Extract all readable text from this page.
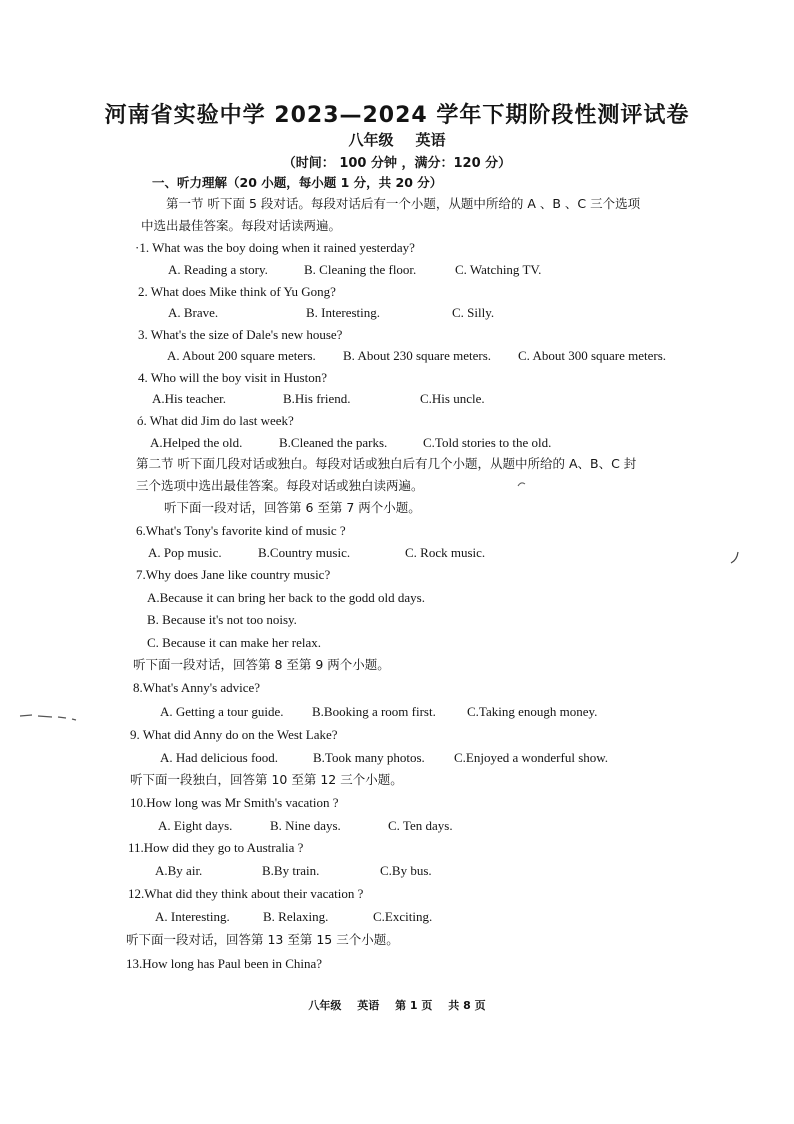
河南省实验中学 2023—2024 学年下期阶段性测评试卷
八年级 英语
（时间： 100 分钟 ，满分：120 分）
一、听力理解（20 小题，每小题 1 分，共 20 分）
第一节 听下面 5 段对话。每段对话后有一个小题，从题中所给的 A 、B 、C 三个选项
中选出最佳答案。每段对话读两遍。
·1. What was the boy doing when it rained yesterday?
A. Reading a story.	B. Cleaning the floor.	C. Watching TV.
2. What does Mike think of Yu Gong?
A. Brave.	B. Interesting.	C. Silly.
3. What's the size of Dale's new house?
A. About 200 square meters. B. About 230 square meters. C. About 300 square meters.
4. Who will the boy visit in Huston?
A.His teacher.	B.His friend.	C.His uncle.
ó. What did Jim do last week?
A.Helped the old.	B.Cleaned the parks.	C.Told stories to the old.
第二节 听下面几段对话或独白。每段对话或独白后有几个小题，从题中所给的 A、B、C 封
三个选项中选出最佳答案。每段对话或独白读两遍。
听下面一段对话，回答第 6 至第 7 两个小题。
6.What's Tony's favorite kind of music ?
A. Pop music.	B.Country music.	C. Rock music.
7.Why does Jane like country music?
A.Because it can bring her back to the godd old days.
B. Because it's not too noisy.
C. Because it can make her relax.
听下面一段对话，回答第 8 至第 9 两个小题。
8.What's Anny's advice?
A. Getting a tour guide. B.Booking a room first. C.Taking enough money.
9. What did Anny do on the West Lake?
A. Had delicious food.	B.Took many photos. C.Enjoyed a wonderful show.
听下面一段独白，回答第 10 至第 12 三个小题。
10.How long was Mr Smith's vacation ?
A. Eight days.	B. Nine days.	C. Ten days.
11.How did they go to Australia ?
A.By air.	B.By train.	C.By bus.
12.What did they think about their vacation ?
A. Interesting.	B. Relaxing.	C.Exciting.
听下面一段对话，回答第 13 至第 15 三个小题。
13.How long has Paul been in China?
八年级 英语 第 1 页 共 8 页
